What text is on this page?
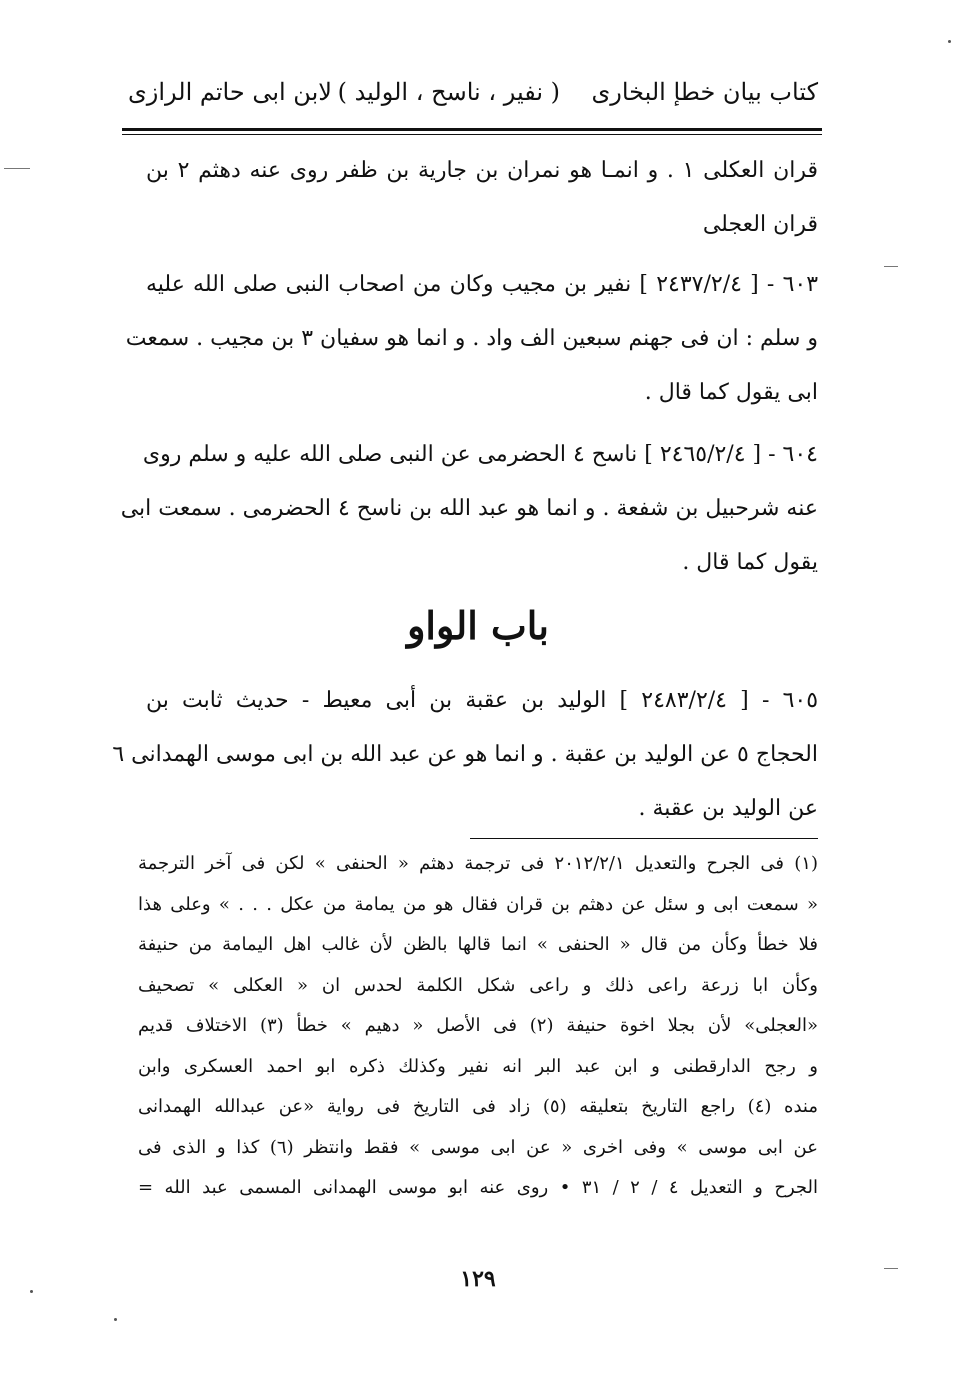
كتاب بيان خطإ البخارى
( نفير ، ناسح ، الوليد )
لابن ابى حاتم الرازى
قران العكلى ١ . و انمـا هو نمران بن جارية بن ظفر روى عنه دهثم ٢ بن
قران العجلى
٦٠٣ - [ ٢٤٣٧/٢/٤ ] نفير بن مجيب وكان من اصحاب النبى صلى الله عليه
و سلم : ان فى جهنم سبعين الف واد . و انما هو سفيان ٣ بن مجيب . سمعت
ابى يقول كما قال .
٦٠٤ - [ ٢٤٦٥/٢/٤ ] ناسح ٤ الحضرمى عن النبى صلى الله عليه و سلم روى
عنه شرحبيل بن شفعة . و انما هو عبد الله بن ناسح ٤ الحضرمى . سمعت ابى
يقول كما قال .
باب الواو
٦٠٥ - [ ٢٤٨٣/٢/٤ ] الوليد بن عقبة بن أبى معيط - حديث ثابت بن
الحجاج ٥ عن الوليد بن عقبة . و انما هو عن عبد الله بن ابى موسى الهمدانى ٦
عن الوليد بن عقبة .
(١) فى الجرح والتعديل ٢٠١٢/٢/١ فى ترجمة دهثم « الحنفى » لكن فى آخر الترجمة
« سمعت ابى و سئل عن دهثم بن قران فقال هو من يمامة من عكل . . . » وعلى هذا
فلا خطأ وكأن من قال « الحنفى » انما قالها بالظن لأن غالب اهل اليمامة من حنيفة
وكأن ابا زرعة راعى ذلك و راعى شكل الكلمة لحدس ان « العكلى » تصحيف
«العجلى» لأن بجلا اخوة حنيفة (٢) فى الأصل « دهيم » خطأ (٣) الاختلاف قديم
و رجح الدارقطنى و ابن عبد البر انه نفير وكذلك ذكره ابو احمد العسكرى وابن
منده (٤) راجع التاريخ بتعليقه (٥) زاد فى التاريخ فى رواية «عن عبدالله الهمدانى
عن ابى موسى » وفى اخرى « عن ابى موسى » فقط وانتظر (٦) كذا و الذى فى
الجرح و التعديل ٤ / ٢ / ٣١ • روى عنه ابو موسى الهمدانى المسمى عبد الله =
١٢٩
